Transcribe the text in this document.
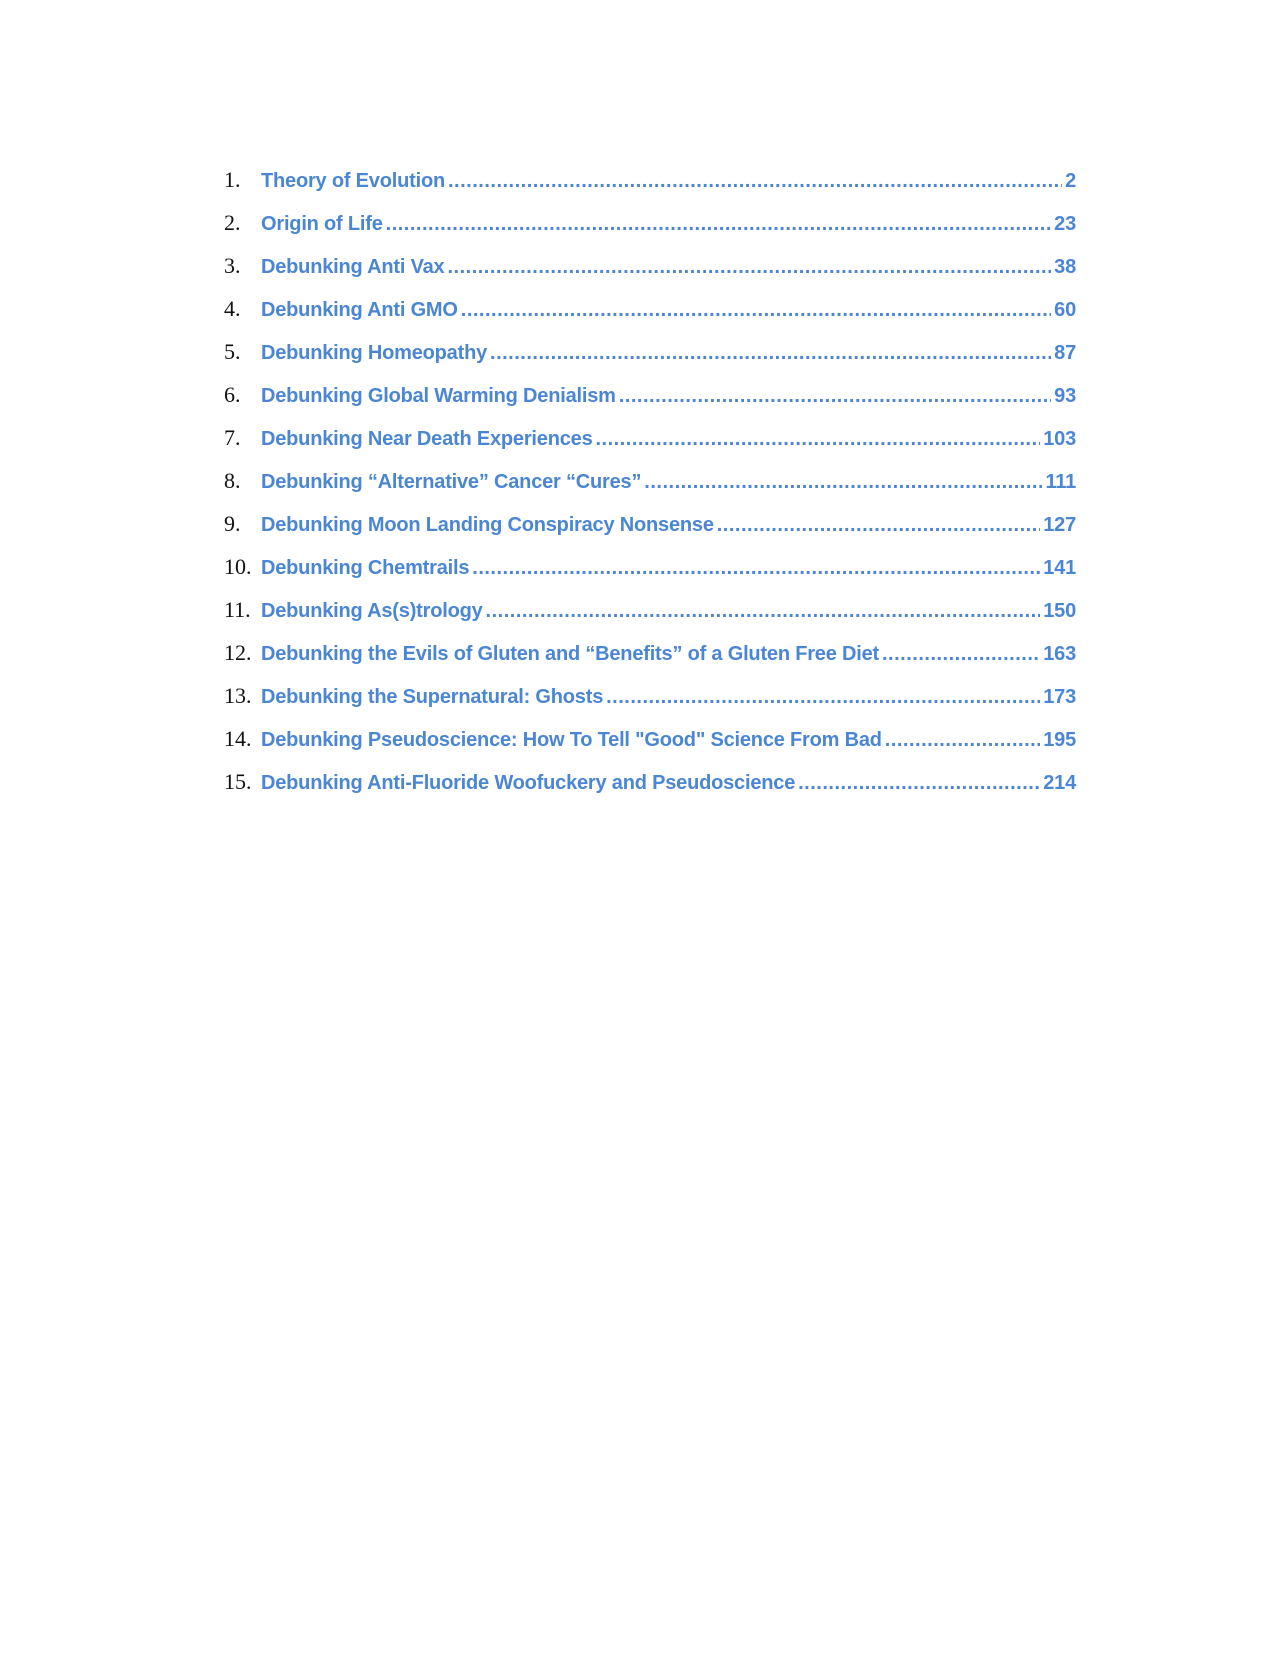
1.	Theory of Evolution .....	2
2.	Origin of Life .....	23
3.	Debunking Anti Vax .....	38
4.	Debunking Anti GMO .....	60
5.	Debunking Homeopathy .....	87
6.	Debunking Global Warming Denialism .....	93
7.	Debunking Near Death Experiences .....	103
8.	Debunking “Alternative” Cancer “Cures” .....	111
9.	Debunking Moon Landing Conspiracy Nonsense .....	127
10. Debunking Chemtrails .....	141
11. Debunking As(s)trology .....	150
12. Debunking the Evils of Gluten and “Benefits” of a Gluten Free Diet .....	163
13. Debunking the Supernatural: Ghosts .....	173
14. Debunking Pseudoscience: How To Tell "Good" Science From Bad .....	195
15. Debunking Anti-Fluoride Woofuckery and Pseudoscience .....	214
